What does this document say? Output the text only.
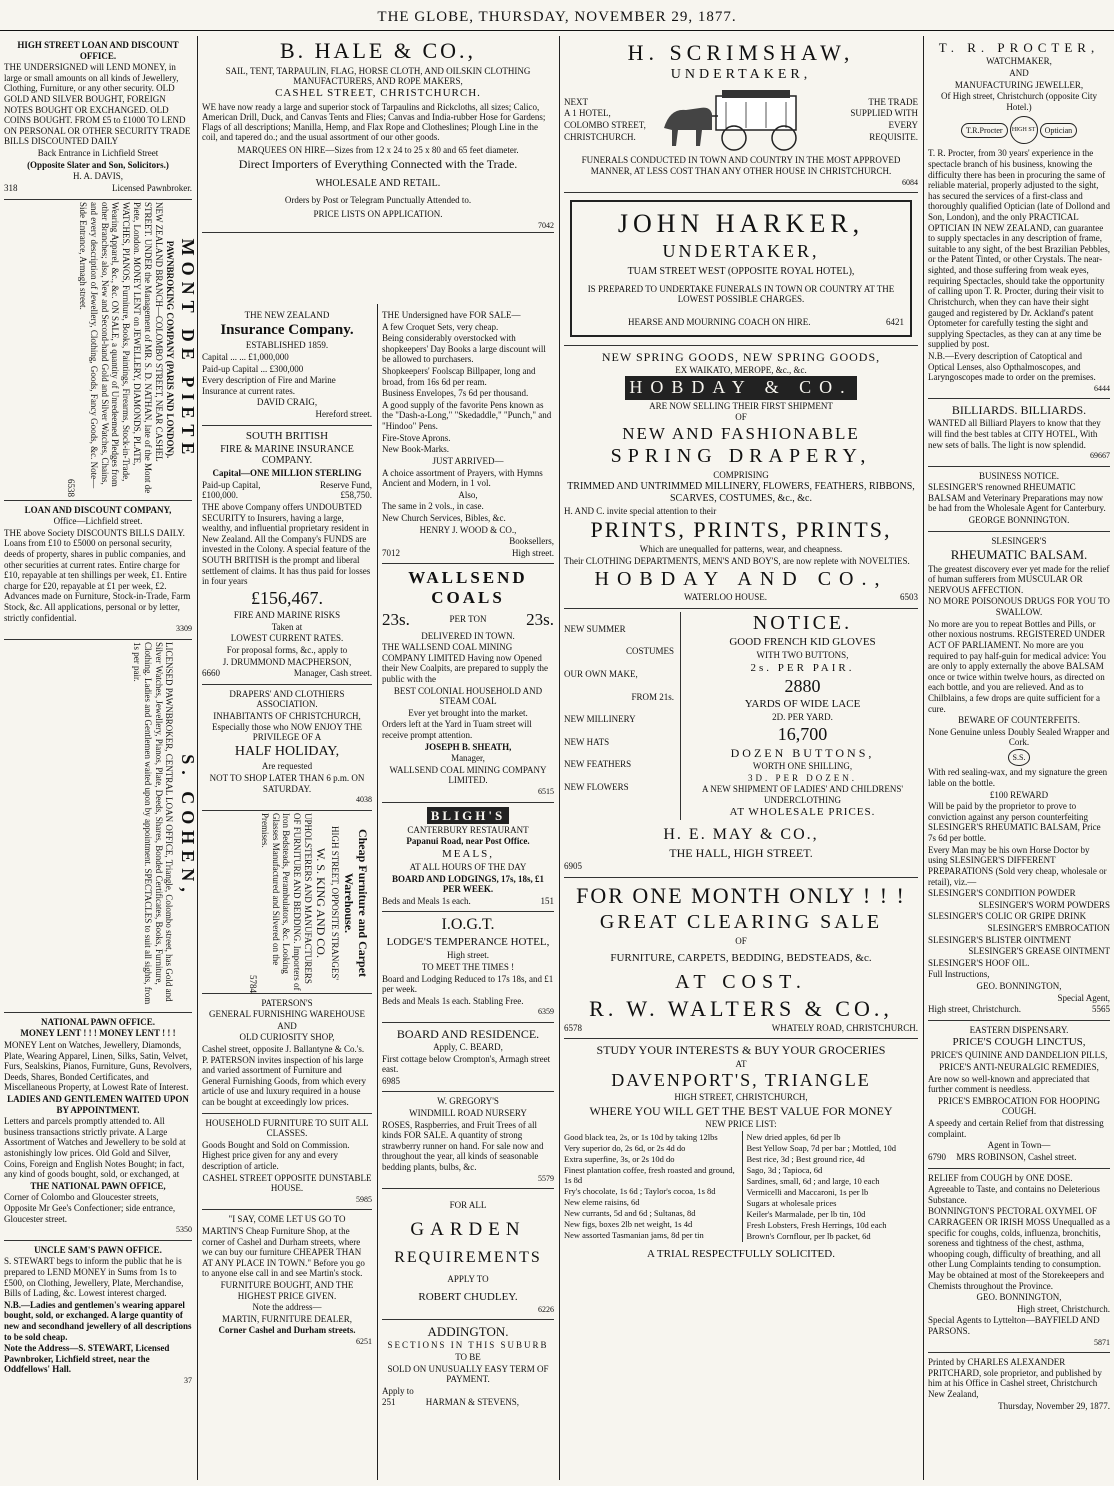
THE GLOBE, THURSDAY, NOVEMBER 29, 1877.

HIGH STREET LOAN AND DISCOUNT OFFICE.

THE UNDERSIGNED will LEND MONEY, in large or small amounts on all kinds of Jewellery, Clothing, Furniture, or any other security. OLD GOLD AND SILVER BOUGHT, FOREIGN NOTES BOUGHT OR EXCHANGED. OLD COINS BOUGHT. FROM £5 to £1000 TO LEND ON PERSONAL OR OTHER SECURITY TRADE BILLS DISCOUNTED DAILY

Back Entrance in Lichfield Street

(Opposite Slater and Son, Solicitors.)

H. A. DAVIS,

318	Licensed Pawnbroker.

MONT DE PIETE

PAWNBROKING COMPANY (PARIS AND LONDON).

NEW ZEALAND BRANCH—COLOMBO STREET, NEAR CASHEL STREET. UNDER the Management of MR. S. D. NATHAN, late of the Mont de Piete, London. MONEY LENT on JEWELLERY, DIAMONDS, PLATE, WATCHES, PIANOS, Furniture, Books, Paintings, Firearms, Stock-in-Trade, Wearing Apparel, &c., &c. ON SALE, a quantity of Unredeemed Pledges from other Branches; also, New and Second-hand Gold and Silver Watches, Chains, and every description of Jewellery, Clothing, Goods, Fancy Goods, &c. Note—Side Entrance, Armagh street.

6538

LOAN AND DISCOUNT COMPANY,

Office—Lichfield street.

THE above Society DISCOUNTS BILLS DAILY. Loans from £10 to £5000 on personal security, deeds of property, shares in public companies, and other securities at current rates. Entire charge for £10, repayable at ten shillings per week, £1. Entire charge for £20, repayable at £1 per week, £2. Advances made on Furniture, Stock-in-Trade, Farm Stock, &c. All applications, personal or by letter, strictly confidential.

3309

S. COHEN,

LICENSED PAWNBROKER, CENTRAL LOAN OFFICE, Triangle, Colombo street, has Gold and Silver Watches, Jewellery, Pianos, Plate, Deeds, Shares, Bonded Certificates, Books, Furniture, Clothing. Ladies and Gentlemen waited upon by appointment. SPECTACLES to suit all sights, from 1s per pair.

NATIONAL PAWN OFFICE.

MONEY LENT ! ! ! MONEY LENT ! ! !

MONEY Lent on Watches, Jewellery, Diamonds, Plate, Wearing Apparel, Linen, Silks, Satin, Velvet, Furs, Sealskins, Pianos, Furniture, Guns, Revolvers, Deeds, Shares, Bonded Certificates, and Miscellaneous Property, at Lowest Rate of Interest.

LADIES AND GENTLEMEN WAITED UPON BY APPOINTMENT.

Letters and parcels promptly attended to. All business transactions strictly private. A Large Assortment of Watches and Jewellery to be sold at astonishingly low prices. Old Gold and Silver, Coins, Foreign and English Notes Bought; in fact, any kind of goods bought, sold, or exchanged, at

THE NATIONAL PAWN OFFICE,

Corner of Colombo and Gloucester streets, Opposite Mr Gee's Confectioner; side entrance, Gloucester street.

5350

UNCLE SAM'S PAWN OFFICE.

S. STEWART begs to inform the public that he is prepared to LEND MONEY in Sums from 1s to £500, on Clothing, Jewellery, Plate, Merchandise, Bills of Lading, &c. Lowest interest charged.

N.B.—Ladies and gentlemen's wearing apparel bought, sold, or exchanged. A large quantity of new and secondhand jewellery of all descriptions to be sold cheap.

Note the Address—S. STEWART, Licensed Pawnbroker, Lichfield street, near the Oddfellows' Hall.

37

B. HALE & CO.,

SAIL, TENT, TARPAULIN, FLAG, HORSE CLOTH, AND OILSKIN CLOTHING MANUFACTURERS, AND ROPE MAKERS,

CASHEL STREET, CHRISTCHURCH.

WE have now ready a large and superior stock of Tarpaulins and Rickcloths, all sizes; Calico, American Drill, Duck, and Canvas Tents and Flies; Canvas and India-rubber Hose for Gardens; Flags of all descriptions; Manilla, Hemp, and Flax Rope and Clotheslines; Plough Line in the coil, and tapered do.; and the usual assortment of our other goods.

MARQUEES ON HIRE—Sizes from 12 x 24 to 25 x 80 and 65 feet diameter.

Direct Importers of Everything Connected with the Trade.

WHOLESALE AND RETAIL.

Orders by Post or Telegram Punctually Attended to.

PRICE LISTS ON APPLICATION.

7042

THE NEW ZEALAND

Insurance Company.

ESTABLISHED 1859.

Capital ... ... £1,000,000

Paid-up Capital ... £300,000

Every description of Fire and Marine Insurance at current rates.

DAVID CRAIG,

Hereford street.

SOUTH BRITISH

FIRE & MARINE INSURANCE COMPANY.

Capital—ONE MILLION STERLING

Paid-up Capital, £100,000.
Reserve Fund, £58,750.

THE above Company offers UNDOUBTED SECURITY to Insurers, having a large, wealthy, and influential proprietary resident in New Zealand. All the Company's FUNDS are invested in the Colony. A special feature of the SOUTH BRITISH is the prompt and liberal settlement of claims. It has thus paid for losses in four years

£156,467.

FIRE AND MARINE RISKS

Taken at

LOWEST CURRENT RATES.

For proposal forms, &c., apply to

J. DRUMMOND MACPHERSON,

6660	Manager, Cash street.

DRAPERS' AND CLOTHIERS ASSOCIATION.

INHABITANTS OF CHRISTCHURCH, Especially those who NOW ENJOY THE PRIVILEGE OF A

HALF HOLIDAY,

Are requested

NOT TO SHOP LATER THAN 6 p.m. ON SATURDAY.

4038

Cheap Furniture and Carpet Warehouse.

HIGH STREET, OPPOSITE STRANGES'

W. S. KING AND CO.

UPHOLSTERERS AND MANUFACTURERS OF FURNITURE AND BEDDING. Importers of Iron Bedsteads, Perambulators, &c. Looking Glasses Manufactured and Silvered on the Premises.

5784

PATERSON'S

GENERAL FURNISHING WAREHOUSE

AND

OLD CURIOSITY SHOP,

Cashel street, opposite J. Ballantyne & Co.'s. P. PATERSON invites inspection of his large and varied assortment of Furniture and General Furnishing Goods, from which every article of use and luxury required in a house can be bought at exceedingly low prices.

HOUSEHOLD FURNITURE TO SUIT ALL CLASSES.

Goods Bought and Sold on Commission. Highest price given for any and every description of article.

CASHEL STREET OPPOSITE DUNSTABLE HOUSE.

5985

"I SAY, COME LET US GO TO

MARTIN'S Cheap Furniture Shop, at the corner of Cashel and Durham streets, where we can buy our furniture CHEAPER THAN AT ANY PLACE IN TOWN." Before you go to anyone else call in and see Martin's stock.

FURNITURE BOUGHT, AND THE HIGHEST PRICE GIVEN.

Note the address—

MARTIN, FURNITURE DEALER,

Corner Cashel and Durham streets.

6251

THE Undersigned have FOR SALE—

A few Croquet Sets, very cheap.

Being considerably overstocked with shopkeepers' Day Books a large discount will be allowed to purchasers.

Shopkeepers' Foolscap Billpaper, long and broad, from 16s 6d per ream.

Business Envelopes, 7s 6d per thousand.

A good supply of the favorite Pens known as the "Dash-a-Long," "Skedaddle," "Punch," and "Hindoo" Pens.

Fire-Stove Aprons.

New Book-Marks.

JUST ARRIVED—

A choice assortment of Prayers, with Hymns Ancient and Modern, in 1 vol.

Also,

The same in 2 vols., in case.

New Church Services, Bibles, &c.

HENRY J. WOOD & CO.,

Booksellers,

7012	High street.

WALLSEND COALS

23s.	PER TON 23s.

DELIVERED IN TOWN.

THE WALLSEND COAL MINING COMPANY LIMITED Having now Opened their New Coalpits, are prepared to supply the public with the

BEST COLONIAL HOUSEHOLD AND STEAM COAL

Ever yet brought into the market.

Orders left at the Yard in Tuam street will receive prompt attention.

JOSEPH B. SHEATH,

Manager,

WALLSEND COAL MINING COMPANY LIMITED.

6515

BLIGH'S

CANTERBURY RESTAURANT

Papanui Road, near Post Office.

MEALS,

AT ALL HOURS OF THE DAY

BOARD AND LODGINGS, 17s, 18s, £1 PER WEEK.

Beds and Meals 1s each.	151

I.O.G.T.

LODGE'S TEMPERANCE HOTEL,

High street.

TO MEET THE TIMES !

Board and Lodging Reduced to 17s 18s, and £1 per week.

Beds and Meals 1s each. Stabling Free.

6359

BOARD AND RESIDENCE.

Apply, C. BEARD,

First cottage below Crompton's, Armagh street east.

6985

W. GREGORY'S

WINDMILL ROAD NURSERY

ROSES, Raspberries, and Fruit Trees of all kinds FOR SALE. A quantity of strong strawberry runner on hand. For sale now and throughout the year, all kinds of seasonable bedding plants, bulbs, &c.

5579

FOR ALL

GARDEN

REQUIREMENTS

APPLY TO

ROBERT CHUDLEY.

6226

ADDINGTON.

SECTIONS IN THIS SUBURB

TO BE

SOLD ON UNUSUALLY EASY TERM OF PAYMENT.

Apply to

251	HARMAN & STEVENS,

H. SCRIMSHAW,

UNDERTAKER,

NEXT

A 1 HOTEL,

COLOMBO STREET,

CHRISTCHURCH.

THE TRADE

SUPPLIED WITH

EVERY

REQUISITE.

FUNERALS CONDUCTED IN TOWN AND COUNTRY IN THE MOST APPROVED MANNER, AT LESS COST THAN ANY OTHER HOUSE IN CHRISTCHURCH.

6084

JOHN HARKER,

UNDERTAKER,

TUAM STREET WEST (OPPOSITE ROYAL HOTEL),

IS PREPARED TO UNDERTAKE FUNERALS IN TOWN OR COUNTRY AT THE LOWEST POSSIBLE CHARGES.

HEARSE AND MOURNING COACH ON HIRE.	6421

NEW SPRING GOODS, NEW SPRING GOODS,

EX WAIKATO, MEROPE, &c., &c.

HOBDAY & CO.

ARE NOW SELLING THEIR FIRST SHIPMENT

OF

NEW AND FASHIONABLE

SPRING DRAPERY,

COMPRISING

TRIMMED AND UNTRIMMED MILLINERY, FLOWERS, FEATHERS, RIBBONS, SCARVES, COSTUMES, &c., &c.

H. AND C. invite special attention to their

PRINTS, PRINTS, PRINTS,

Which are unequalled for patterns, wear, and cheapness.

Their CLOTHING DEPARTMENTS, MEN'S AND BOY'S, are now replete with NOVELTIES.

HOBDAY AND CO.,

WATERLOO HOUSE.	6503

NEW SUMMER

COSTUMES

OUR OWN MAKE,

FROM 21s.

NEW MILLINERY

NEW HATS

NEW FEATHERS

NEW FLOWERS

NOTICE.

GOOD FRENCH KID GLOVES

WITH TWO BUTTONS,

2s. PER PAIR.

2880

YARDS OF WIDE LACE

2D. PER YARD.

16,700

DOZEN BUTTONS,

WORTH ONE SHILLING,

3D. PER DOZEN.

A NEW SHIPMENT OF LADIES' AND CHILDRENS' UNDERCLOTHING

AT WHOLESALE PRICES.

H. E. MAY & CO.,

THE HALL, HIGH STREET.

6905

FOR ONE MONTH ONLY ! ! !

GREAT CLEARING SALE

OF

FURNITURE, CARPETS, BEDDING, BEDSTEADS, &c.

AT COST.

R. W. WALTERS & CO.,

6578	WHATELY ROAD, CHRISTCHURCH.

STUDY YOUR INTERESTS & BUY YOUR GROCERIES

AT

DAVENPORT'S, TRIANGLE

HIGH STREET, CHRISTCHURCH,

WHERE YOU WILL GET THE BEST VALUE FOR MONEY

NEW PRICE LIST:

Good black tea, 2s, or 1s 10d by taking 12lbs

Very superior do, 2s 6d, or 2s 4d do

Extra superfine, 3s, or 2s 10d do

Finest plantation coffee, fresh roasted and ground, 1s 8d

Fry's chocolate, 1s 6d ; Taylor's cocoa, 1s 8d

New eleme raisins, 6d

New currants, 5d and 6d ; Sultanas, 8d

New figs, boxes 2lb net weight, 1s 4d

New assorted Tasmanian jams, 8d per tin

New dried apples, 6d per lb

Best Yellow Soap, 7d per bar ; Mottled, 10d

Best rice, 3d ; Best ground rice, 4d

Sago, 3d ; Tapioca, 6d

Sardines, small, 6d ; and large, 10 each

Vermicelli and Maccaroni, 1s per lb

Sugars at wholesale prices

Keiler's Marmalade, per lb tin, 10d

Fresh Lobsters, Fresh Herrings, 10d each

Brown's Cornflour, per lb packet, 6d

A TRIAL RESPECTFULLY SOLICITED.

T. R. PROCTER,

WATCHMAKER,

AND

MANUFACTURING JEWELLER,

Of High street, Christchurch (opposite City Hotel.)

T.R.Procter	HIGH ST	Optician

T. R. Procter, from 30 years' experience in the spectacle branch of his business, knowing the difficulty there has been in procuring the same of reliable material, properly adjusted to the sight, has secured the services of a first-class and thoroughly qualified Optician (late of Dollond and Son, London), and the only PRACTICAL OPTICIAN IN NEW ZEALAND, can guarantee to supply spectacles in any description of frame, suitable to any sight, of the best Brazilian Pebbles, or the Patent Tinted, or other Crystals. The near-sighted, and those suffering from weak eyes, requiring Spectacles, should take the opportunity of calling upon T. R. Procter, during their visit to Christchurch, when they can have their sight gauged and registered by Dr. Ackland's patent Optometer for carefully testing the sight and supplying Spectacles, as they can at any time be supplied by post.

N.B.—Every description of Catoptical and Optical Lenses, also Opthalmoscopes, and Laryngoscopes made to order on the premises.

6444

BILLIARDS. BILLIARDS.

WANTED all Billiard Players to know that they will find the best tables at CITY HOTEL, With new sets of balls. The light is now splendid.

69667

BUSINESS NOTICE.

SLESINGER'S renowned RHEUMATIC BALSAM and Veterinary Preparations may now be had from the Wholesale Agent for Canterbury.

GEORGE BONNINGTON.

SLESINGER'S

RHEUMATIC BALSAM.

The greatest discovery ever yet made for the relief of human sufferers from MUSCULAR OR NERVOUS AFFECTION.

NO MORE POISONOUS DRUGS FOR YOU TO SWALLOW.

No more are you to repeat Bottles and Pills, or other noxious nostrums. REGISTERED UNDER ACT OF PARLIAMENT. No more are you required to pay half-guin for medical advice: You are only to apply externally the above BALSAM once or twice within twelve hours, as directed on each bottle, and you are relieved. And as to Chilblains, a few drops are quite sufficient for a cure.

BEWARE OF COUNTERFEITS.

None Genuine unless Doubly Sealed Wrapper and Cork.

S.S.

With red sealing-wax, and my signature the green lable on the bottle.

£100 REWARD

Will be paid by the proprietor to prove to conviction against any person counterfeiting SLESINGER'S RHEUMATIC BALSAM, Price 7s 6d per bottle.

Every Man may be his own Horse Doctor by using SLESINGER'S DIFFERENT PREPARATIONS (Sold very cheap, wholesale or retail), viz.—

SLESINGER'S CONDITION POWDER

SLESINGER'S WORM POWDERS

SLESINGER'S COLIC OR GRIPE DRINK

SLESINGER'S EMBROCATION

SLESINGER'S BLISTER OINTMENT

SLESINGER'S GREASE OINTMENT

SLESINGER'S HOOF OIL.

Full Instructions,

GEO. BONNINGTON,

Special Agent,

High street, Christchurch.	5565

EASTERN DISPENSARY.

PRICE'S COUGH LINCTUS,

PRICE'S QUININE AND DANDELION PILLS,

PRICE'S ANTI-NEURALGIC REMEDIES,

Are now so well-known and appreciated that further comment is needless.

PRICE'S EMBROCATION FOR HOOPING COUGH.

A speedy and certain Relief from that distressing complaint.

Agent in Town—

6790 MRS ROBINSON, Cashel street.

RELIEF from COUGH by ONE DOSE.

Agreeable to Taste, and contains no Deleterious Substance.

BONNINGTON'S PECTORAL OXYMEL OF CARRAGEEN OR IRISH MOSS Unequalled as a specific for coughs, colds, influenza, bronchitis, soreness and tightness of the chest, asthma, whooping cough, difficulty of breathing, and all other Lung Complaints tending to consumption. May be obtained at most of the Storekeepers and Chemists throughout the Province.

GEO. BONNINGTON,

High street, Christchurch.

Special Agents to Lyttelton—BAYFIELD AND PARSONS.

5871

Printed by CHARLES ALEXANDER PRITCHARD, sole proprietor, and published by him at his Office in Cashel street, Christchurch New Zealand,

Thursday, November 29, 1877.
